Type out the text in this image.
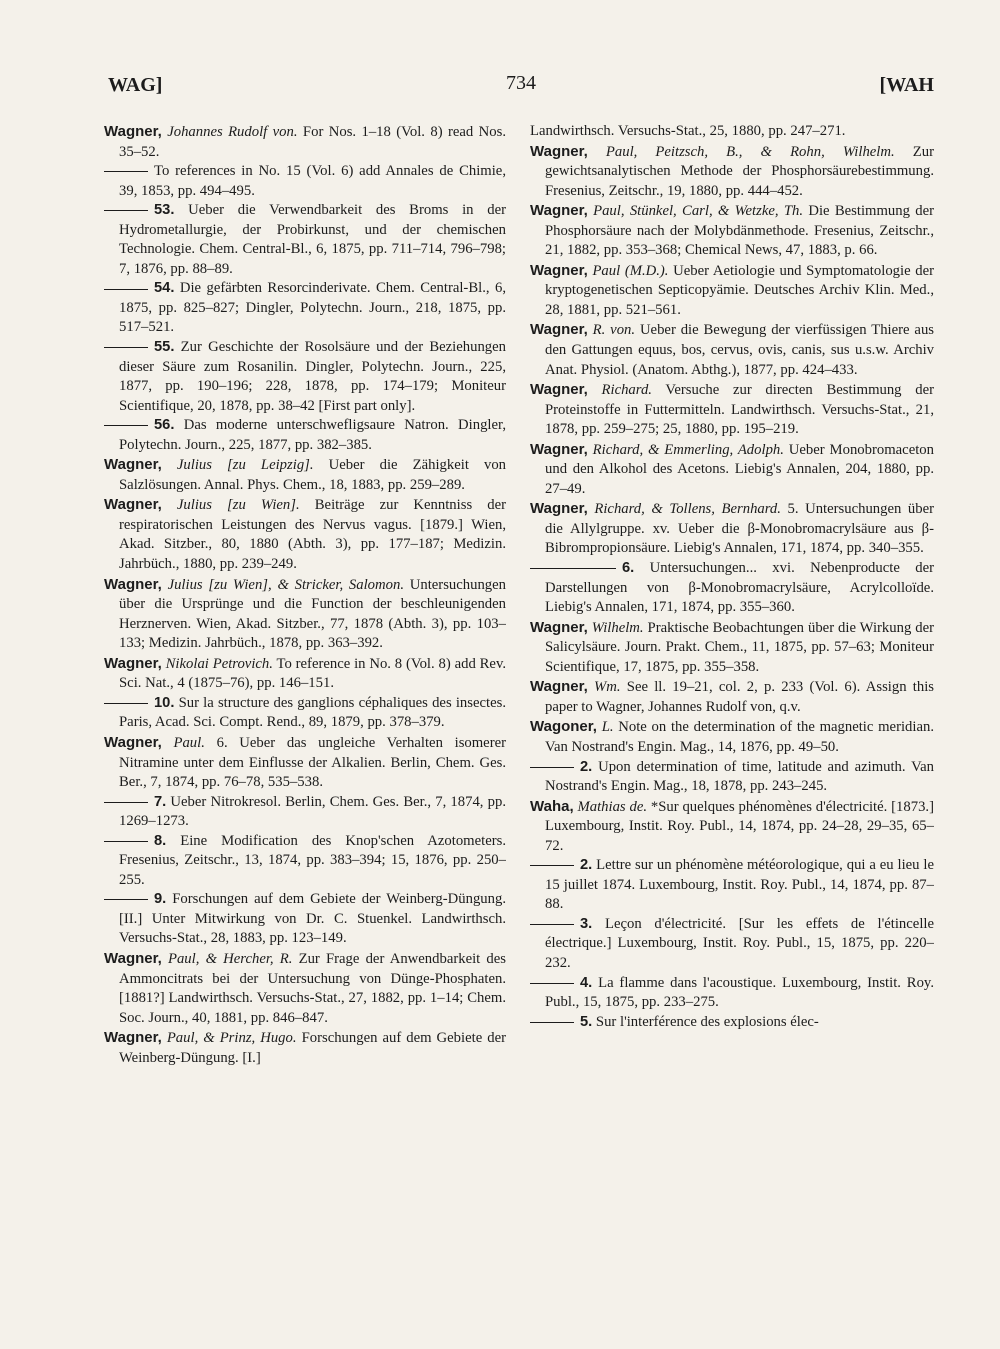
WAG]	734	[WAH

Wagner, Johannes Rudolf von. For Nos. 1–18 (Vol. 8) read Nos. 35–52.

To references in No. 15 (Vol. 6) add Annales de Chimie, 39, 1853, pp. 494–495.

53. Ueber die Verwendbarkeit des Broms in der Hydrometallurgie, der Probirkunst, und der chemischen Technologie. Chem. Central-Bl., 6, 1875, pp. 711–714, 796–798; 7, 1876, pp. 88–89.

54. Die gefärbten Resorcinderivate. Chem. Central-Bl., 6, 1875, pp. 825–827; Dingler, Polytechn. Journ., 218, 1875, pp. 517–521.

55. Zur Geschichte der Rosolsäure und der Beziehungen dieser Säure zum Rosanilin. Dingler, Polytechn. Journ., 225, 1877, pp. 190–196; 228, 1878, pp. 174–179; Moniteur Scientifique, 20, 1878, pp. 38–42 [First part only].

56. Das moderne unterschwefligsaure Natron. Dingler, Polytechn. Journ., 225, 1877, pp. 382–385.

Wagner, Julius [zu Leipzig]. Ueber die Zähigkeit von Salzlösungen. Annal. Phys. Chem., 18, 1883, pp. 259–289.

Wagner, Julius [zu Wien]. Beiträge zur Kenntniss der respiratorischen Leistungen des Nervus vagus. [1879.] Wien, Akad. Sitzber., 80, 1880 (Abth. 3), pp. 177–187; Medizin. Jahrbüch., 1880, pp. 239–249.

Wagner, Julius [zu Wien], & Stricker, Salomon. Untersuchungen über die Ursprünge und die Function der beschleunigenden Herznerven. Wien, Akad. Sitzber., 77, 1878 (Abth. 3), pp. 103–133; Medizin. Jahrbüch., 1878, pp. 363–392.

Wagner, Nikolai Petrovich. To reference in No. 8 (Vol. 8) add Rev. Sci. Nat., 4 (1875–76), pp. 146–151.

10. Sur la structure des ganglions céphaliques des insectes. Paris, Acad. Sci. Compt. Rend., 89, 1879, pp. 378–379.

Wagner, Paul. 6. Ueber das ungleiche Verhalten isomerer Nitramine unter dem Einflusse der Alkalien. Berlin, Chem. Ges. Ber., 7, 1874, pp. 76–78, 535–538.

7. Ueber Nitrokresol. Berlin, Chem. Ges. Ber., 7, 1874, pp. 1269–1273.

8. Eine Modification des Knop'schen Azotometers. Fresenius, Zeitschr., 13, 1874, pp. 383–394; 15, 1876, pp. 250–255.

9. Forschungen auf dem Gebiete der Weinberg-Düngung. [II.] Unter Mitwirkung von Dr. C. Stuenkel. Landwirthsch. Versuchs-Stat., 28, 1883, pp. 123–149.

Wagner, Paul, & Hercher, R. Zur Frage der Anwendbarkeit des Ammoncitrats bei der Untersuchung von Dünge-Phosphaten. [1881?] Landwirthsch. Versuchs-Stat., 27, 1882, pp. 1–14; Chem. Soc. Journ., 40, 1881, pp. 846–847.

Wagner, Paul, & Prinz, Hugo. Forschungen auf dem Gebiete der Weinberg-Düngung. [I.]

Landwirthsch. Versuchs-Stat., 25, 1880, pp. 247–271.

Wagner, Paul, Peitzsch, B., & Rohn, Wilhelm. Zur gewichtsanalytischen Methode der Phosphorsäurebestimmung. Fresenius, Zeitschr., 19, 1880, pp. 444–452.

Wagner, Paul, Stünkel, Carl, & Wetzke, Th. Die Bestimmung der Phosphorsäure nach der Molybdänmethode. Fresenius, Zeitschr., 21, 1882, pp. 353–368; Chemical News, 47, 1883, p. 66.

Wagner, Paul (M.D.). Ueber Aetiologie und Symptomatologie der kryptogenetischen Septicopyämie. Deutsches Archiv Klin. Med., 28, 1881, pp. 521–561.

Wagner, R. von. Ueber die Bewegung der vierfüssigen Thiere aus den Gattungen equus, bos, cervus, ovis, canis, sus u.s.w. Archiv Anat. Physiol. (Anatom. Abthg.), 1877, pp. 424–433.

Wagner, Richard. Versuche zur directen Bestimmung der Proteinstoffe in Futtermitteln. Landwirthsch. Versuchs-Stat., 21, 1878, pp. 259–275; 25, 1880, pp. 195–219.

Wagner, Richard, & Emmerling, Adolph. Ueber Monobromaceton und den Alkohol des Acetons. Liebig's Annalen, 204, 1880, pp. 27–49.

Wagner, Richard, & Tollens, Bernhard. 5. Untersuchungen über die Allylgruppe. xv. Ueber die β-Monobromacrylsäure aus β-Bibrompropionsäure. Liebig's Annalen, 171, 1874, pp. 340–355.

6. Untersuchungen... xvi. Nebenproducte der Darstellungen von β-Monobromacrylsäure, Acrylcolloïde. Liebig's Annalen, 171, 1874, pp. 355–360.

Wagner, Wilhelm. Praktische Beobachtungen über die Wirkung der Salicylsäure. Journ. Prakt. Chem., 11, 1875, pp. 57–63; Moniteur Scientifique, 17, 1875, pp. 355–358.

Wagner, Wm. See ll. 19–21, col. 2, p. 233 (Vol. 6). Assign this paper to Wagner, Johannes Rudolf von, q.v.

Wagoner, L. Note on the determination of the magnetic meridian. Van Nostrand's Engin. Mag., 14, 1876, pp. 49–50.

2. Upon determination of time, latitude and azimuth. Van Nostrand's Engin. Mag., 18, 1878, pp. 243–245.

Waha, Mathias de. *Sur quelques phénomènes d'électricité. [1873.] Luxembourg, Instit. Roy. Publ., 14, 1874, pp. 24–28, 29–35, 65–72.

2. Lettre sur un phénomène météorologique, qui a eu lieu le 15 juillet 1874. Luxembourg, Instit. Roy. Publ., 14, 1874, pp. 87–88.

3. Leçon d'électricité. [Sur les effets de l'étincelle électrique.] Luxembourg, Instit. Roy. Publ., 15, 1875, pp. 220–232.

4. La flamme dans l'acoustique. Luxembourg, Instit. Roy. Publ., 15, 1875, pp. 233–275.

5. Sur l'interférence des explosions élec-
